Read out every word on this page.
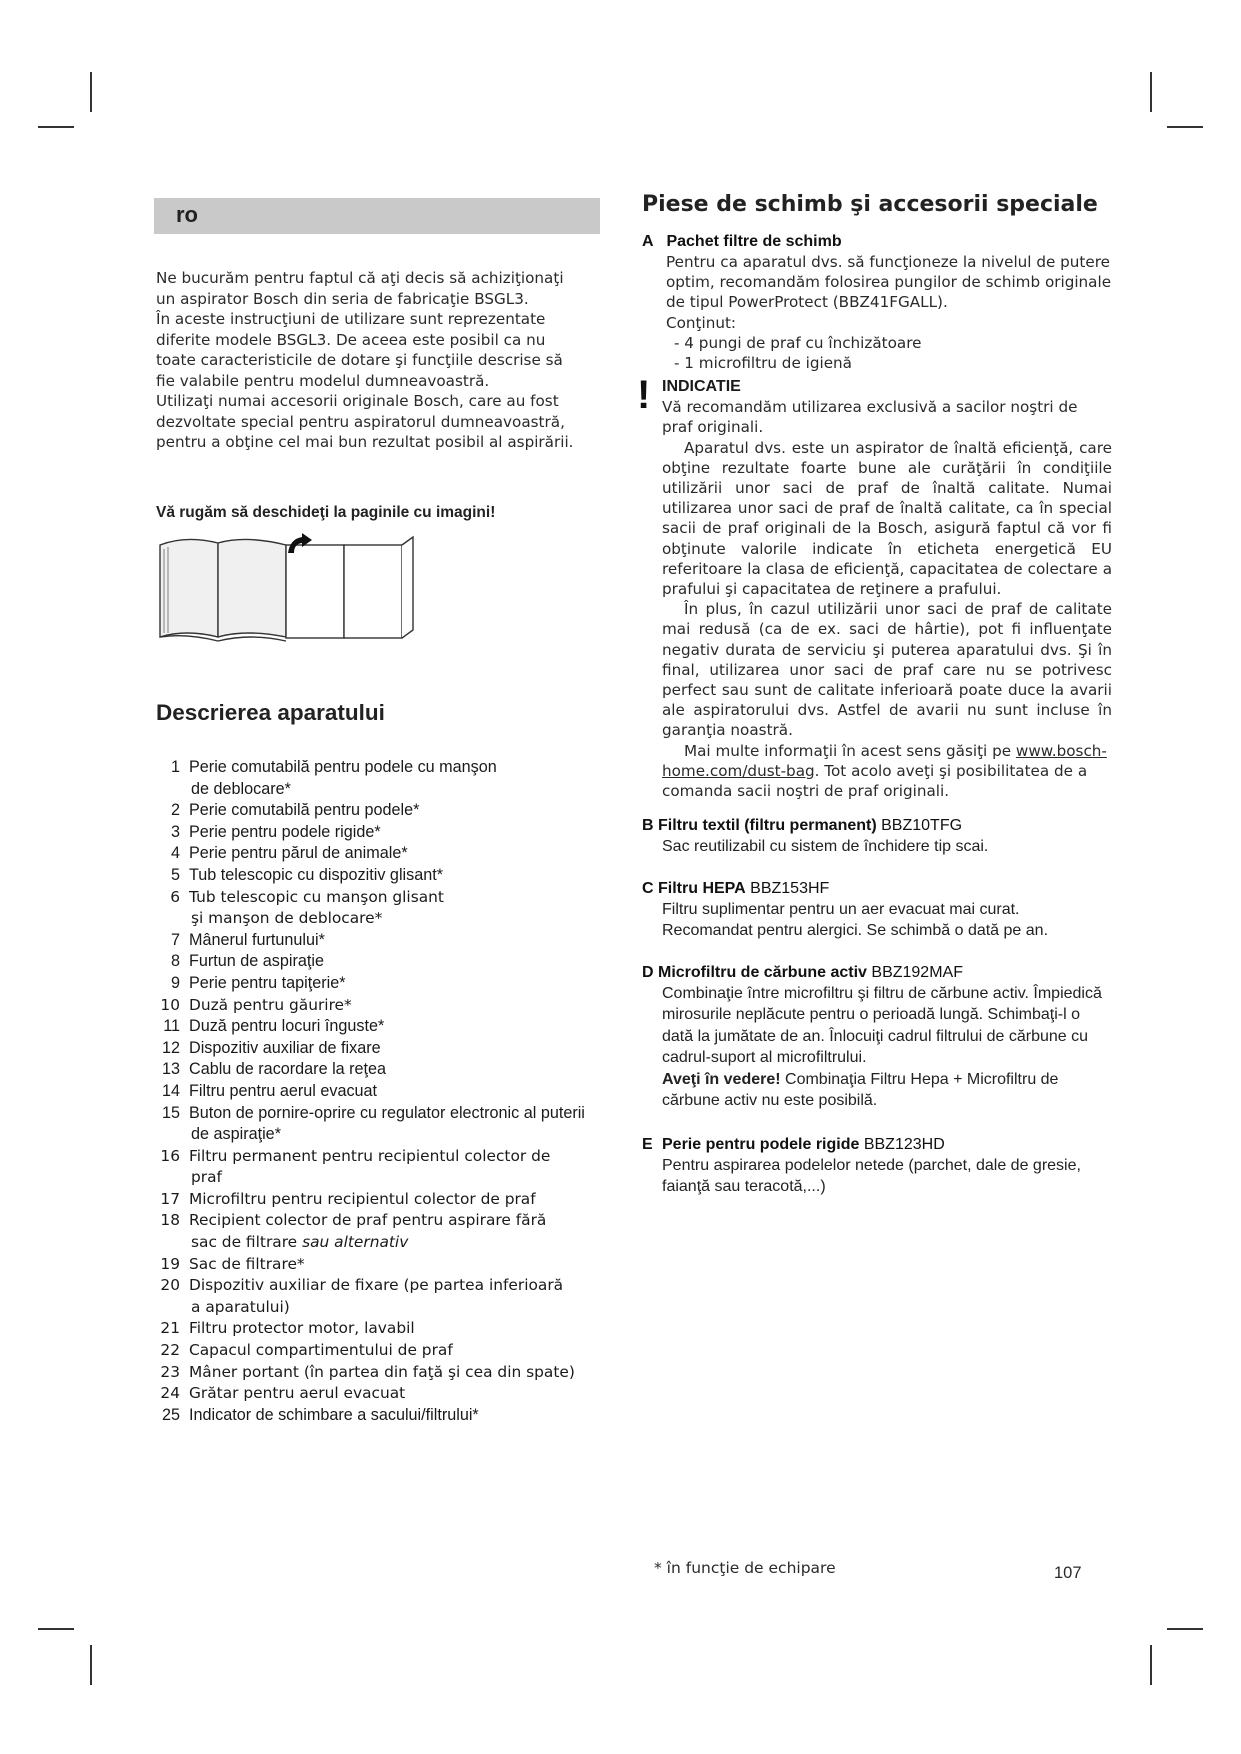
ro

Ne bucurăm pentru faptul că aţi decis să achiziţionaţi

un aspirator Bosch din seria de fabricaţie BSGL3.

În aceste instrucţiuni de utilizare sunt reprezentate

diferite modele BSGL3. De aceea este posibil ca nu

toate caracteristicile de dotare şi funcţiile descrise să

fie valabile pentru modelul dumneavoastră.

Utilizaţi numai accesorii originale Bosch, care au fost

dezvoltate special pentru aspiratorul dumneavoastră,

pentru a obţine cel mai bun rezultat posibil al aspirării.

Vă rugăm să deschideţi la paginile cu imagini!
Descrierea aparatului
1 Perie comutabilă pentru podele cu manşon
de deblocare*
2 Perie comutabilă pentru podele*
3 Perie pentru podele rigide*
4 Perie pentru părul de animale*
5 Tub telescopic cu dispozitiv glisant*
6 Tub telescopic cu manşon glisant
şi manşon de deblocare*
7 Mânerul furtunului*
8 Furtun de aspiraţie
9 Perie pentru tapiţerie*
10 Duză pentru găurire*
11 Duză pentru locuri înguste*
12 Dispozitiv auxiliar de fixare
13 Cablu de racordare la reţea
14 Filtru pentru aerul evacuat
15 Buton de pornire-oprire cu regulator electronic al puterii
de aspiraţie*
16 Filtru permanent pentru recipientul colector de
praf
17 Microfiltru pentru recipientul colector de praf
18 Recipient colector de praf pentru aspirare fără
sac de filtrare sau alternativ
19 Sac de filtrare*
20 Dispozitiv auxiliar de fixare (pe partea inferioară
a aparatului)
21 Filtru protector motor, lavabil
22 Capacul compartimentului de praf
23 Mâner portant (în partea din faţă şi cea din spate)
24 Grătar pentru aerul evacuat
25 Indicator de schimbare a sacului/filtrului*
Piese de schimb şi accesorii speciale
A Pachet filtre de schimb
Pentru ca aparatul dvs. să funcţioneze la nivelul de putere optim, recomandăm folosirea pungilor de schimb originale de tipul PowerProtect (BBZ41FGALL).
Conţinut:
- 4 pungi de praf cu închizătoare
- 1 microfiltru de igienă
! INDICATIE
Vă recomandăm utilizarea exclusivă a sacilor noştri de praf originali.
Aparatul dvs. este un aspirator de înaltă eficienţă, care obţine rezultate foarte bune ale curăţării în condiţiile utilizării unor saci de praf de înaltă calitate. Numai utilizarea unor saci de praf de înaltă calitate, ca în special sacii de praf originali de la Bosch, asigură faptul că vor fi obţinute valorile indicate în eticheta energetică EU referitoare la clasa de eficienţă, capacitatea de colectare a prafului şi capacitatea de reţinere a prafului.
În plus, în cazul utilizării unor saci de praf de calitate mai redusă (ca de ex. saci de hârtie), pot fi influenţate negativ durata de serviciu şi puterea aparatului dvs. Şi în final, utilizarea unor saci de praf care nu se potrivesc perfect sau sunt de calitate inferioară poate duce la avarii ale aspiratorului dvs. Astfel de avarii nu sunt incluse în garanţia noastră.
Mai multe informaţii în acest sens găsiţi pe www.bosch-home.com/dust-bag. Tot acolo aveţi şi posibilitatea de a comanda sacii noştri de praf originali.
B Filtru textil (filtru permanent) BBZ10TFG
Sac reutilizabil cu sistem de închidere tip scai.
C Filtru HEPA BBZ153HF
Filtru suplimentar pentru un aer evacuat mai curat. Recomandat pentru alergici. Se schimbă o dată pe an.
D Microfiltru de cărbune activ BBZ192MAF
Combinaţie între microfiltru şi filtru de cărbune activ. Împiedică mirosurile neplăcute pentru o perioadă lungă. Schimbaţi-l o dată la jumătate de an. Înlocuiţi cadrul filtrului de cărbune cu cadrul-suport al microfiltrului.
Aveţi în vedere! Combinaţia Filtru Hepa + Microfiltru de cărbune activ nu este posibilă.
E Perie pentru podele rigide BBZ123HD
Pentru aspirarea podelelor netede (parchet, dale de gresie, faianţă sau teracotă,...)
* în funcţie de echipare	107
